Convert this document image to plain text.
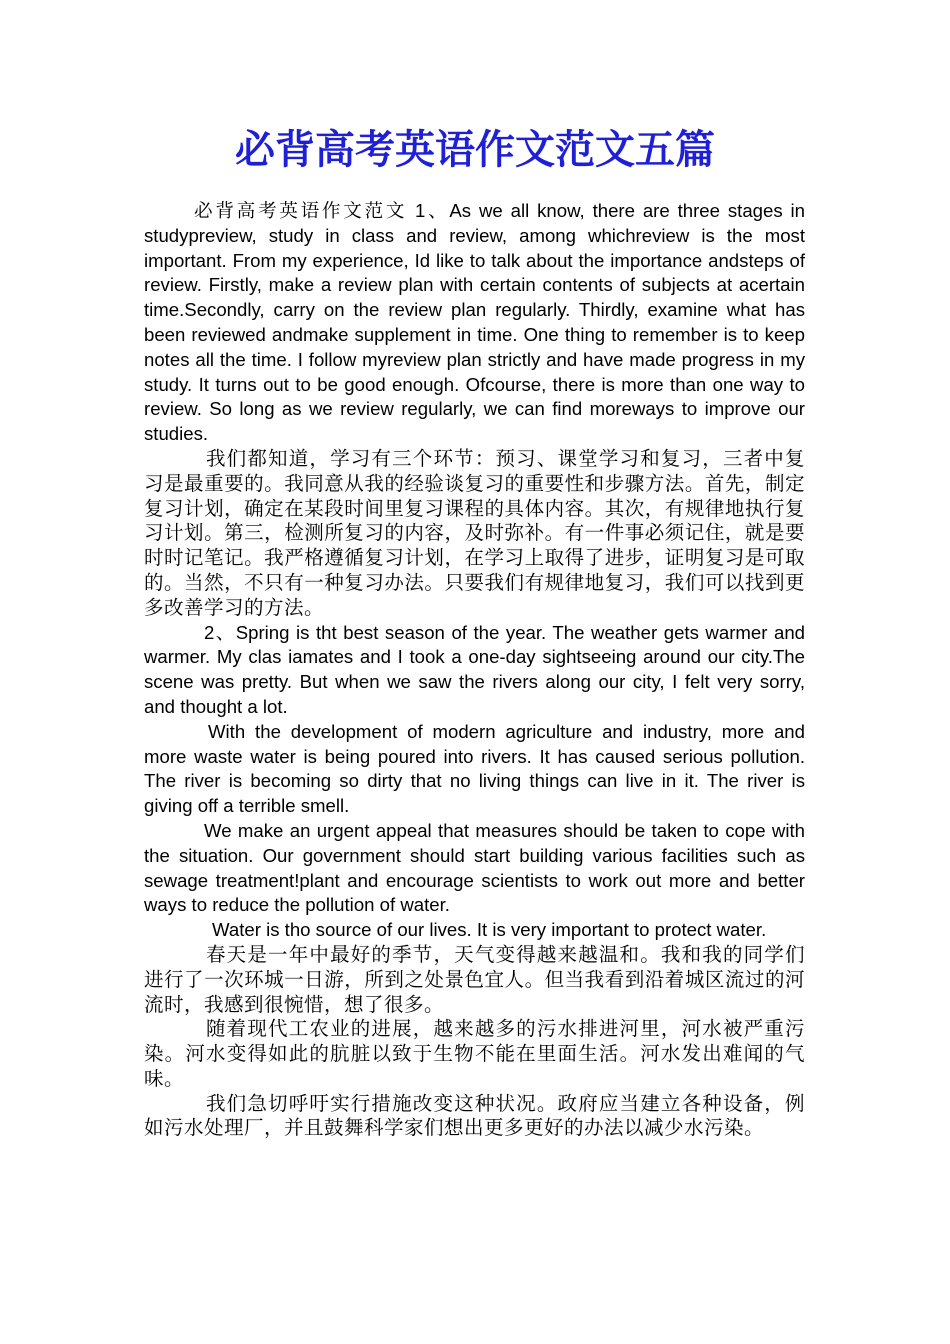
必背高考英语作文范文五篇

必背高考英语作文范文 1、As we all know, there are three stages in studypreview, study in class and review, among whichreview is the most important. From my experience, Id like to talk about the importance andsteps of review. Firstly, make a review plan with certain contents of subjects at acertain time.Secondly, carry on the review plan regularly. Thirdly, examine what has been reviewed andmake supplement in time. One thing to remember is to keep notes all the time. I follow myreview plan strictly and have made progress in my study. It turns out to be good enough. Ofcourse, there is more than one way to review. So long as we review regularly, we can find moreways to improve our studies.

我们都知道，学习有三个环节：预习、课堂学习和复习，三者中复习是最重要的。我同意从我的经验谈复习的重要性和步骤方法。首先，制定复习计划，确定在某段时间里复习课程的具体内容。其次，有规律地执行复习计划。第三，检测所复习的内容，及时弥补。有一件事必须记住，就是要时时记笔记。我严格遵循复习计划，在学习上取得了进步，证明复习是可取的。当然，不只有一种复习办法。只要我们有规律地复习，我们可以找到更多改善学习的方法。

2、Spring is tht best season of the year. The weather gets warmer and warmer. My clas iamates and I took a one-day sightseeing around our city.The scene was pretty. But when we saw the rivers along our city, I felt very sorry, and thought a lot.

With the development of modern agriculture and industry, more and more waste water is being poured into rivers. It has caused serious pollution. The river is becoming so dirty that no living things can live in it. The river is giving off a terrible smell.

We make an urgent appeal that measures should be taken to cope with the situation. Our government should start building various facilities such as sewage treatment!plant and encourage scientists to work out more and better ways to reduce the pollution of water.

Water is tho source of our lives. It is very important to protect water.

春天是一年中最好的季节，天气变得越来越温和。我和我的同学们进行了一次环城一日游，所到之处景色宜人。但当我看到沿着城区流过的河流时，我感到很惋惜，想了很多。

随着现代工农业的进展，越来越多的污水排进河里，河水被严重污染。河水变得如此的肮脏以致于生物不能在里面生活。河水发出难闻的气味。

我们急切呼吁实行措施改变这种状况。政府应当建立各种设备，例如污水处理厂，并且鼓舞科学家们想出更多更好的办法以减少水污染。
